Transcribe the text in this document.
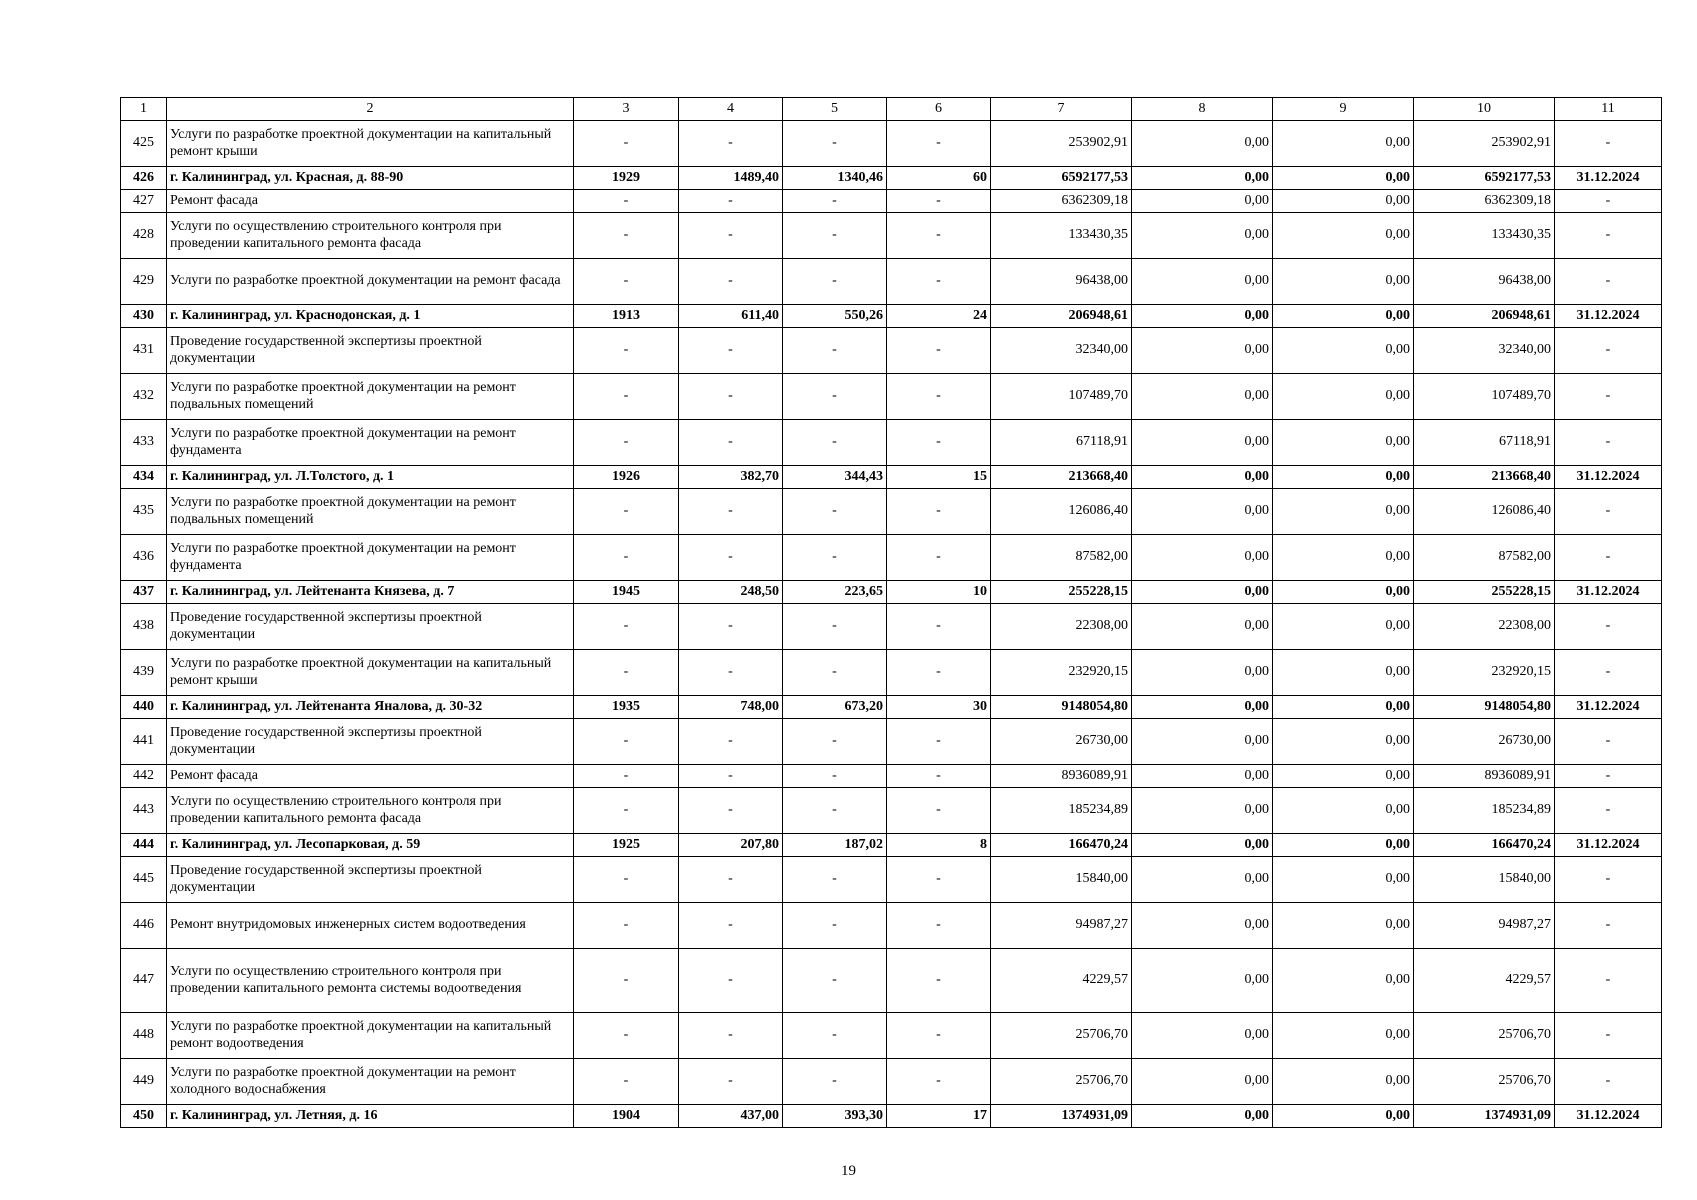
1	2	3	4	5	6	7	8	9	10	11
425	Услуги по разработке проектной документации на капитальный ремонт крыши	-	-	-	-	253902,91	0,00	0,00	253902,91	-
426	г. Калининград, ул. Красная, д. 88-90	1929	1489,40	1340,46	60	6592177,53	0,00	0,00	6592177,53	31.12.2024
427	Ремонт фасада	-	-	-	-	6362309,18	0,00	0,00	6362309,18	-
428	Услуги по осуществлению строительного контроля при проведении капитального ремонта фасада	-	-	-	-	133430,35	0,00	0,00	133430,35	-
429	Услуги по разработке проектной документации на ремонт фасада	-	-	-	-	96438,00	0,00	0,00	96438,00	-
430	г. Калининград, ул. Краснодонская, д. 1	1913	611,40	550,26	24	206948,61	0,00	0,00	206948,61	31.12.2024
431	Проведение государственной экспертизы проектной документации	-	-	-	-	32340,00	0,00	0,00	32340,00	-
432	Услуги по разработке проектной документации на ремонт подвальных помещений	-	-	-	-	107489,70	0,00	0,00	107489,70	-
433	Услуги по разработке проектной документации на ремонт фундамента	-	-	-	-	67118,91	0,00	0,00	67118,91	-
434	г. Калининград, ул. Л.Толстого, д. 1	1926	382,70	344,43	15	213668,40	0,00	0,00	213668,40	31.12.2024
435	Услуги по разработке проектной документации на ремонт подвальных помещений	-	-	-	-	126086,40	0,00	0,00	126086,40	-
436	Услуги по разработке проектной документации на ремонт фундамента	-	-	-	-	87582,00	0,00	0,00	87582,00	-
437	г. Калининград, ул. Лейтенанта Князева, д. 7	1945	248,50	223,65	10	255228,15	0,00	0,00	255228,15	31.12.2024
438	Проведение государственной экспертизы проектной документации	-	-	-	-	22308,00	0,00	0,00	22308,00	-
439	Услуги по разработке проектной документации на капитальный ремонт крыши	-	-	-	-	232920,15	0,00	0,00	232920,15	-
440	г. Калининград, ул. Лейтенанта Яналова, д. 30-32	1935	748,00	673,20	30	9148054,80	0,00	0,00	9148054,80	31.12.2024
441	Проведение государственной экспертизы проектной документации	-	-	-	-	26730,00	0,00	0,00	26730,00	-
442	Ремонт фасада	-	-	-	-	8936089,91	0,00	0,00	8936089,91	-
443	Услуги по осуществлению строительного контроля при проведении капитального ремонта фасада	-	-	-	-	185234,89	0,00	0,00	185234,89	-
444	г. Калининград, ул. Лесопарковая, д. 59	1925	207,80	187,02	8	166470,24	0,00	0,00	166470,24	31.12.2024
445	Проведение государственной экспертизы проектной документации	-	-	-	-	15840,00	0,00	0,00	15840,00	-
446	Ремонт внутридомовых инженерных систем водоотведения	-	-	-	-	94987,27	0,00	0,00	94987,27	-
447	Услуги по осуществлению строительного контроля при проведении капитального ремонта системы водоотведения	-	-	-	-	4229,57	0,00	0,00	4229,57	-
448	Услуги по разработке проектной документации на капитальный ремонт водоотведения	-	-	-	-	25706,70	0,00	0,00	25706,70	-
449	Услуги по разработке проектной документации на ремонт холодного водоснабжения	-	-	-	-	25706,70	0,00	0,00	25706,70	-
450	г. Калининград, ул. Летняя, д. 16	1904	437,00	393,30	17	1374931,09	0,00	0,00	1374931,09	31.12.2024
19
